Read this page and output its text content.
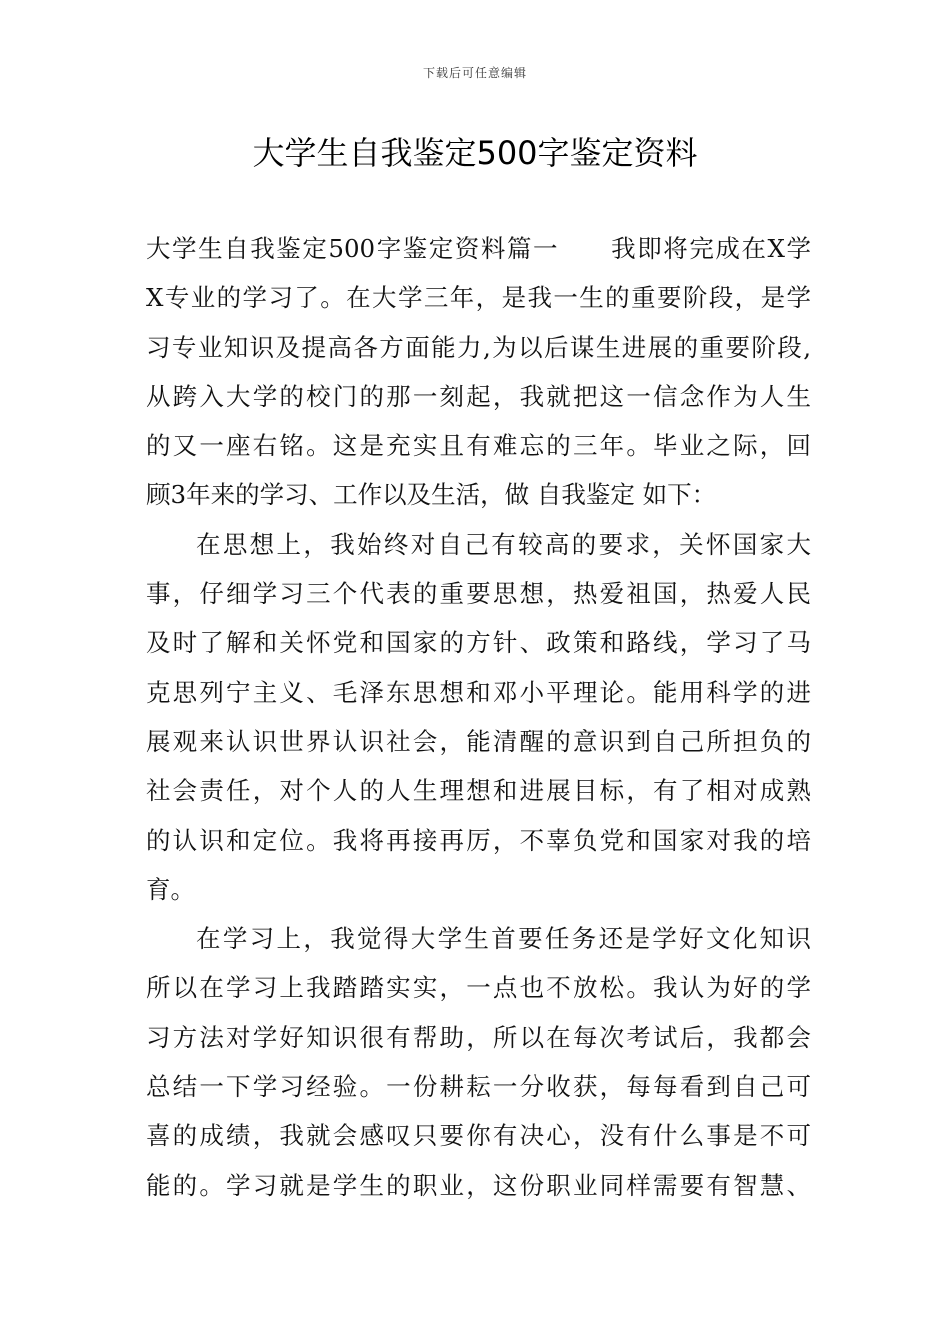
下载后可任意编辑
大学生自我鉴定500字鉴定资料
大学生自我鉴定500字鉴定资料篇一　　我即将完成在X学
X专业的学习了。在大学三年，是我一生的重要阶段，是学
习专业知识及提高各方面能力,为以后谋生进展的重要阶段,
从跨入大学的校门的那一刻起，我就把这一信念作为人生
的又一座右铭。这是充实且有难忘的三年。毕业之际，回
顾3年来的学习、工作以及生活，做 自我鉴定 如下：
在思想上，我始终对自己有较高的要求，关怀国家大
事，仔细学习三个代表的重要思想，热爱祖国，热爱人民
及时了解和关怀党和国家的方针、政策和路线，学习了马
克思列宁主义、毛泽东思想和邓小平理论。能用科学的进
展观来认识世界认识社会，能清醒的意识到自己所担负的
社会责任，对个人的人生理想和进展目标，有了相对成熟
的认识和定位。我将再接再厉，不辜负党和国家对我的培
育。
在学习上，我觉得大学生首要任务还是学好文化知识
所以在学习上我踏踏实实，一点也不放松。我认为好的学
习方法对学好知识很有帮助，所以在每次考试后，我都会
总结一下学习经验。一份耕耘一分收获，每每看到自己可
喜的成绩，我就会感叹只要你有决心，没有什么事是不可
能的。学习就是学生的职业，这份职业同样需要有智慧、
